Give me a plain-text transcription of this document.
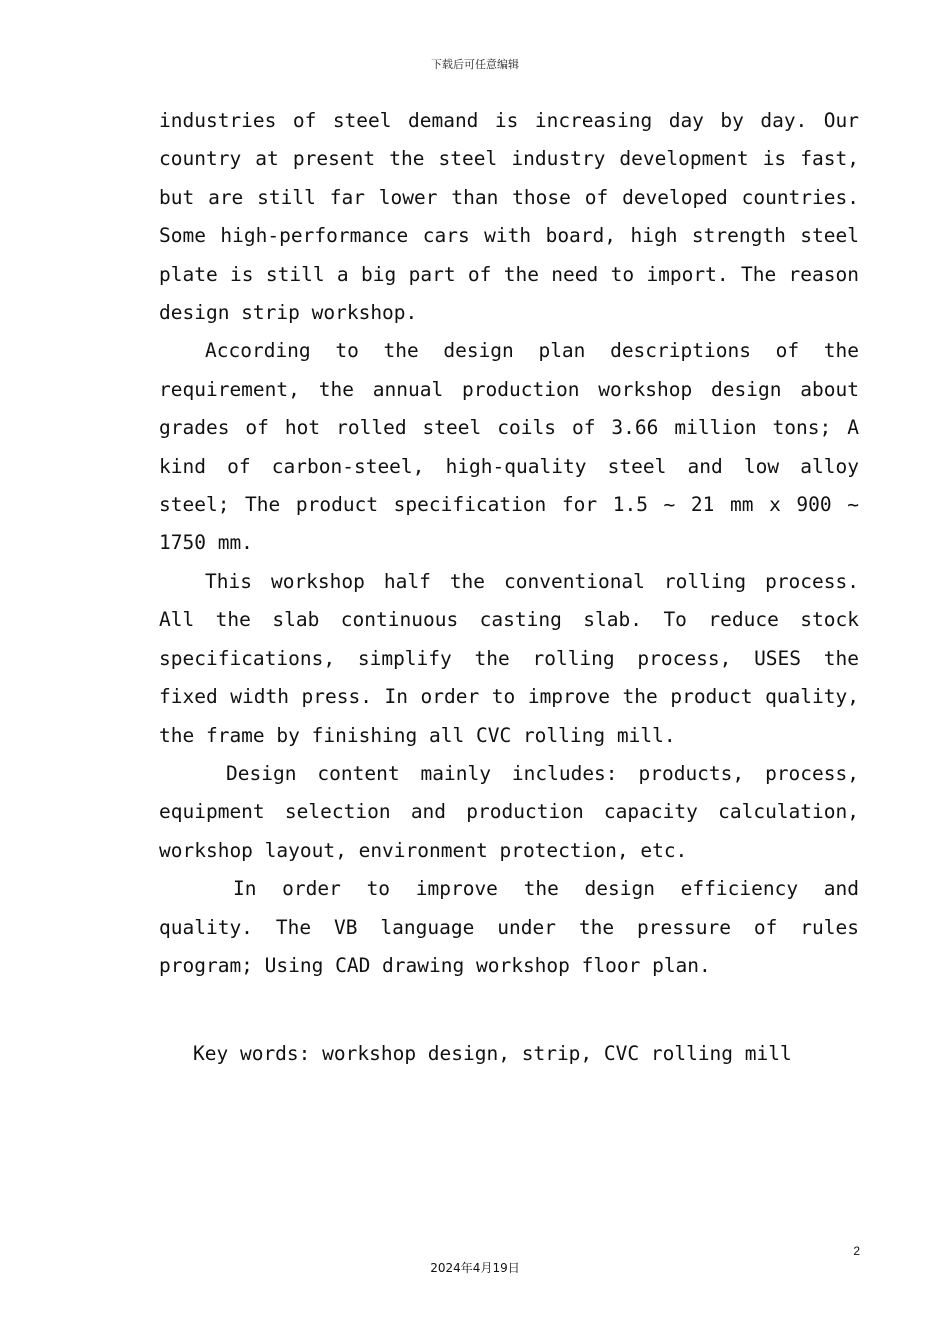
下载后可任意编辑

industries of steel demand is increasing day by day. Our country at present the steel industry development is fast, but are still far lower than those of developed countries. Some high-performance cars with board, high strength steel plate is still a big part of the need to import. The reason design strip workshop.

According to the design plan descriptions of the requirement, the annual production workshop design about grades of hot rolled steel coils of 3.66 million tons; A kind of carbon-steel, high-quality steel and low alloy steel; The product specification for 1.5 ~ 21 mm x 900 ~ 1750 mm.

This workshop half the conventional rolling process. All the slab continuous casting slab. To reduce stock specifications, simplify the rolling process, USES the fixed width press. In order to improve the product quality, the frame by finishing all CVC rolling mill.

Design content mainly includes: products, process, equipment selection and production capacity calculation, workshop layout, environment protection, etc.

In order to improve the design efficiency and quality. The VB language under the pressure of rules program; Using CAD drawing workshop floor plan.

Key words: workshop design, strip, CVC rolling mill
2
2024年4月19日
